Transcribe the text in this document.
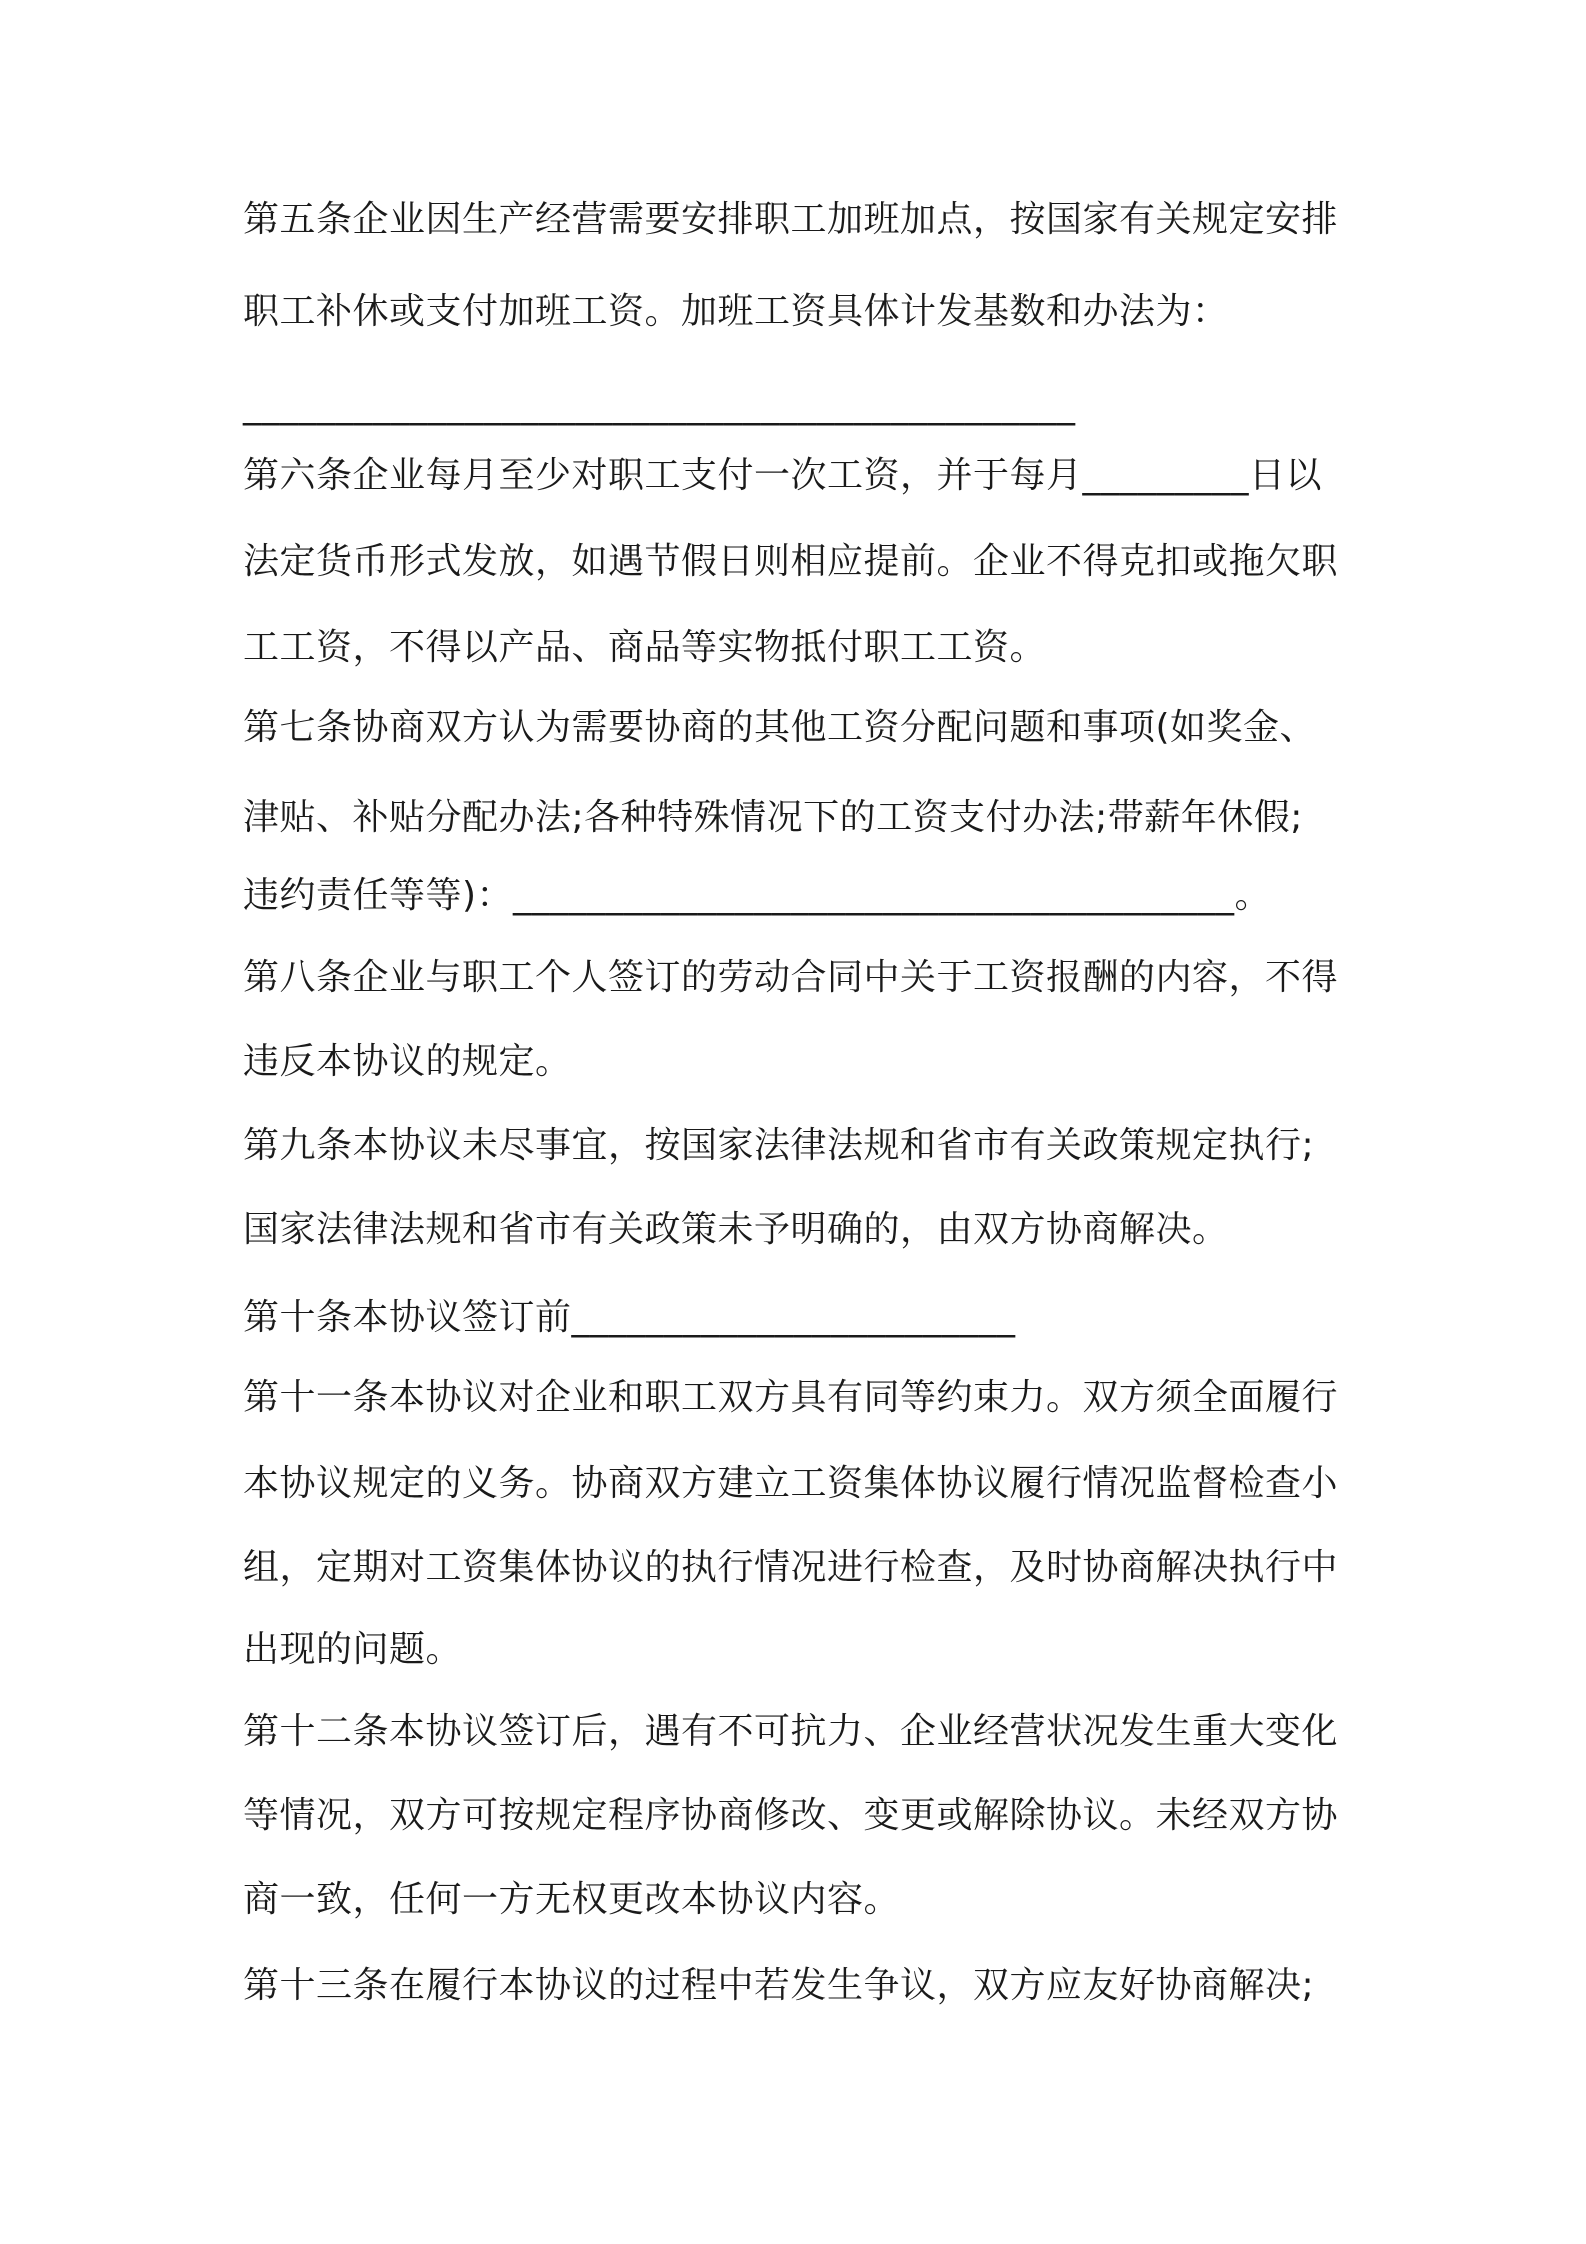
第五条企业因生产经营需要安排职工加班加点，按国家有关规定安排
职工补休或支付加班工资。加班工资具体计发基数和办法为：
_____________________________________________
第六条企业每月至少对职工支付一次工资，并于每月_________日以
法定货币形式发放，如遇节假日则相应提前。企业不得克扣或拖欠职
工工资，不得以产品、商品等实物抵付职工工资。
第七条协商双方认为需要协商的其他工资分配问题和事项(如奖金、
津贴、补贴分配办法;各种特殊情况下的工资支付办法;带薪年休假;
违约责任等等)：_______________________________________。
第八条企业与职工个人签订的劳动合同中关于工资报酬的内容，不得
违反本协议的规定。
第九条本协议未尽事宜，按国家法律法规和省市有关政策规定执行;
国家法律法规和省市有关政策未予明确的，由双方协商解决。
第十条本协议签订前________________________
第十一条本协议对企业和职工双方具有同等约束力。双方须全面履行
本协议规定的义务。协商双方建立工资集体协议履行情况监督检查小
组，定期对工资集体协议的执行情况进行检查，及时协商解决执行中
出现的问题。
第十二条本协议签订后，遇有不可抗力、企业经营状况发生重大变化
等情况，双方可按规定程序协商修改、变更或解除协议。未经双方协
商一致，任何一方无权更改本协议内容。
第十三条在履行本协议的过程中若发生争议，双方应友好协商解决;
